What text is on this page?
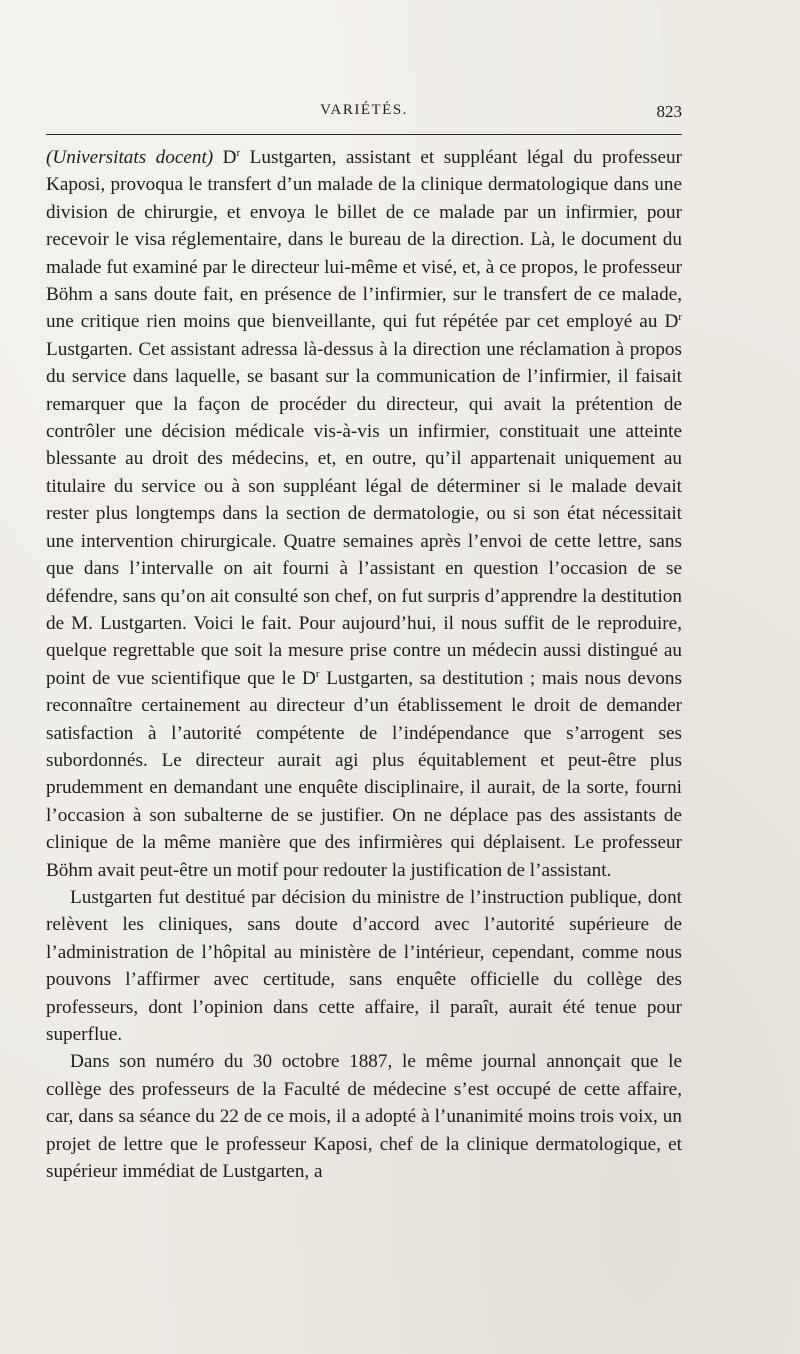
VARIÉTÉS.	823

(Universitats docent) $D^r$ Lustgarten, assistant et suppléant légal du professeur Kaposi, provoqua le transfert d’un malade de la clinique dermatologique dans une division de chirurgie, et envoya le billet de ce malade par un infirmier, pour recevoir le visa réglementaire, dans le bureau de la direction. Là, le document du malade fut examiné par le directeur lui-même et visé, et, à ce propos, le professeur Böhm a sans doute fait, en présence de l’infirmier, sur le transfert de ce malade, une critique rien moins que bienveillante, qui fut répétée par cet employé au $D^r$ Lustgarten. Cet assistant adressa là-dessus à la direction une réclamation à propos du service dans laquelle, se basant sur la communication de l’infirmier, il faisait remarquer que la façon de procéder du directeur, qui avait la prétention de contrôler une décision médicale vis-à-vis un infirmier, constituait une atteinte blessante au droit des médecins, et, en outre, qu’il appartenait uniquement au titulaire du service ou à son suppléant légal de déterminer si le malade devait rester plus longtemps dans la section de dermatologie, ou si son état nécessitait une intervention chirurgicale. Quatre semaines après l’envoi de cette lettre, sans que dans l’intervalle on ait fourni à l’assistant en question l’occasion de se défendre, sans qu’on ait consulté son chef, on fut surpris d’apprendre la destitution de M. Lustgarten. Voici le fait. Pour aujourd’hui, il nous suffit de le reproduire, quelque regrettable que soit la mesure prise contre un médecin aussi distingué au point de vue scientifique que le $D^r$ Lustgarten, sa destitution ; mais nous devons reconnaître certainement au directeur d’un établissement le droit de demander satisfaction à l’autorité compétente de l’indépendance que s’arrogent ses subordonnés. Le directeur aurait agi plus équitablement et peut-être plus prudemment en demandant une enquête disciplinaire, il aurait, de la sorte, fourni l’occasion à son subalterne de se justifier. On ne déplace pas des assistants de clinique de la même manière que des infirmières qui déplaisent. Le professeur Böhm avait peut-être un motif pour redouter la justification de l’assistant.

Lustgarten fut destitué par décision du ministre de l’instruction publique, dont relèvent les cliniques, sans doute d’accord avec l’autorité supérieure de l’administration de l’hôpital au ministère de l’intérieur, cependant, comme nous pouvons l’affirmer avec certitude, sans enquête officielle du collège des professeurs, dont l’opinion dans cette affaire, il paraît, aurait été tenue pour superflue.

Dans son numéro du 30 octobre 1887, le même journal annonçait que le collège des professeurs de la Faculté de médecine s’est occupé de cette affaire, car, dans sa séance du 22 de ce mois, il a adopté à l’unanimité moins trois voix, un projet de lettre que le professeur Kaposi, chef de la clinique dermatologique, et supérieur immédiat de Lustgarten, a
